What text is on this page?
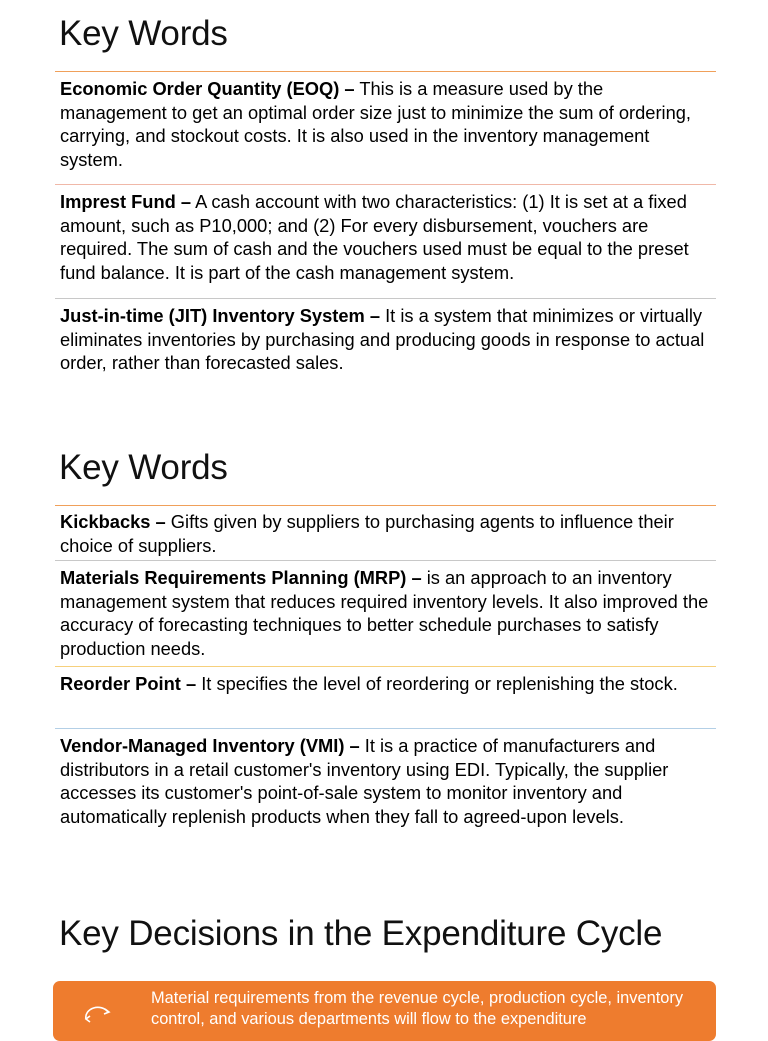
Key Words

Economic Order Quantity (EOQ) – This is a measure used by the management to get an optimal order size just to minimize the sum of ordering, carrying, and stockout costs. It is also used in the inventory management system.

Imprest Fund – A cash account with two characteristics: (1) It is set at a fixed amount, such as P10,000; and (2) For every disbursement, vouchers are required. The sum of cash and the vouchers used must be equal to the preset fund balance. It is part of the cash management system.

Just-in-time (JIT) Inventory System – It is a system that minimizes or virtually eliminates inventories by purchasing and producing goods in response to actual order, rather than forecasted sales.

Key Words

Kickbacks – Gifts given by suppliers to purchasing agents to influence their choice of suppliers.

Materials Requirements Planning (MRP) – is an approach to an inventory management system that reduces required inventory levels. It also improved the accuracy of forecasting techniques to better schedule purchases to satisfy production needs.

Reorder Point – It specifies the level of reordering or replenishing the stock.

Vendor-Managed Inventory (VMI) – It is a practice of manufacturers and distributors in a retail customer's inventory using EDI. Typically, the supplier accesses its customer's point-of-sale system to monitor inventory and automatically replenish products when they fall to agreed-upon levels.

Key Decisions in the Expenditure Cycle
Material requirements from the revenue cycle, production cycle, inventory control, and various departments will flow to the expenditure
